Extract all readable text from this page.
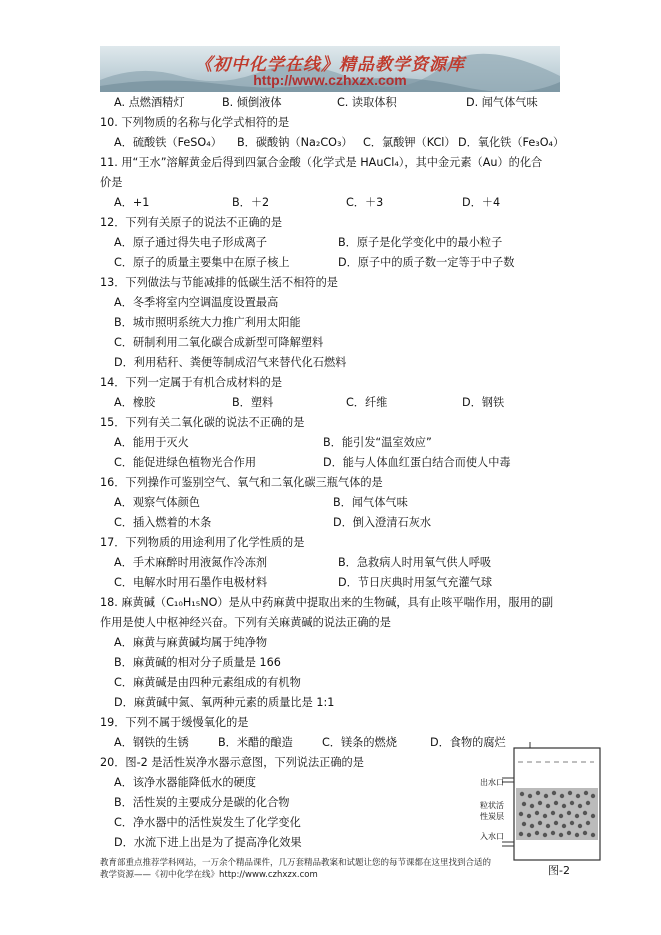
《初中化学在线》精品教学资源库
http://www.czhxzx.com
A. 点燃酒精灯	B. 倾倒液体	C. 读取体积	D. 闻气体气味
10. 下列物质的名称与化学式相符的是
A．硫酸铁（FeSO₄） B．碳酸钠（Na₂CO₃） C．氯酸钾（KCl） D．氧化铁（Fe₃O₄）
11. 用“王水”溶解黄金后得到四氯合金酸（化学式是 HAuCl₄），其中金元素（Au）的化合
价是
A．+1	B．＋2	C．＋3	D．＋4
12．下列有关原子的说法不正确的是
A．原子通过得失电子形成离子	B．原子是化学变化中的最小粒子
C．原子的质量主要集中在原子核上	D．原子中的质子数一定等于中子数
13．下列做法与节能减排的低碳生活不相符的是
A．冬季将室内空调温度设置最高
B．城市照明系统大力推广利用太阳能
C．研制利用二氧化碳合成新型可降解塑料
D．利用秸秆、粪便等制成沼气来替代化石燃料
14．下列一定属于有机合成材料的是
A．橡胶	B．塑料	C．纤维	D．钢铁
15．下列有关二氧化碳的说法不正确的是
A．能用于灭火	B．能引发“温室效应”
C．能促进绿色植物光合作用	D．能与人体血红蛋白结合而使人中毒
16．下列操作可鉴别空气、氧气和二氧化碳三瓶气体的是
A．观察气体颜色	B．闻气体气味
C．插入燃着的木条	D．倒入澄清石灰水
17．下列物质的用途利用了化学性质的是
A．手术麻醉时用液氮作冷冻剂	B．急救病人时用氧气供人呼吸
C．电解水时用石墨作电极材料	D．节日庆典时用氢气充灌气球
18. 麻黄碱（C₁₀H₁₅NO）是从中药麻黄中提取出来的生物碱，具有止咳平喘作用，服用的副
作用是使人中枢神经兴奋。下列有关麻黄碱的说法正确的是
A．麻黄与麻黄碱均属于纯净物
B．麻黄碱的相对分子质量是 166
C．麻黄碱是由四种元素组成的有机物
D．麻黄碱中氮、氧两种元素的质量比是 1:1
19．下列不属于缓慢氧化的是
A．钢铁的生锈	B．米醋的酿造	C．镁条的燃烧	D．食物的腐烂
20．图-2 是活性炭净水器示意图，下列说法正确的是
A．该净水器能降低水的硬度
B．活性炭的主要成分是碳的化合物
C．净水器中的活性炭发生了化学变化
D．水流下进上出是为了提高净化效果
出水口
粒状活
性炭层
入水口
图-2
教育部重点推荐学科网站，一万余个精品课件，几万套精品教案和试题让您的每节课都在这里找到合适的
教学资源——《初中化学在线》http://www.czhxzx.com
